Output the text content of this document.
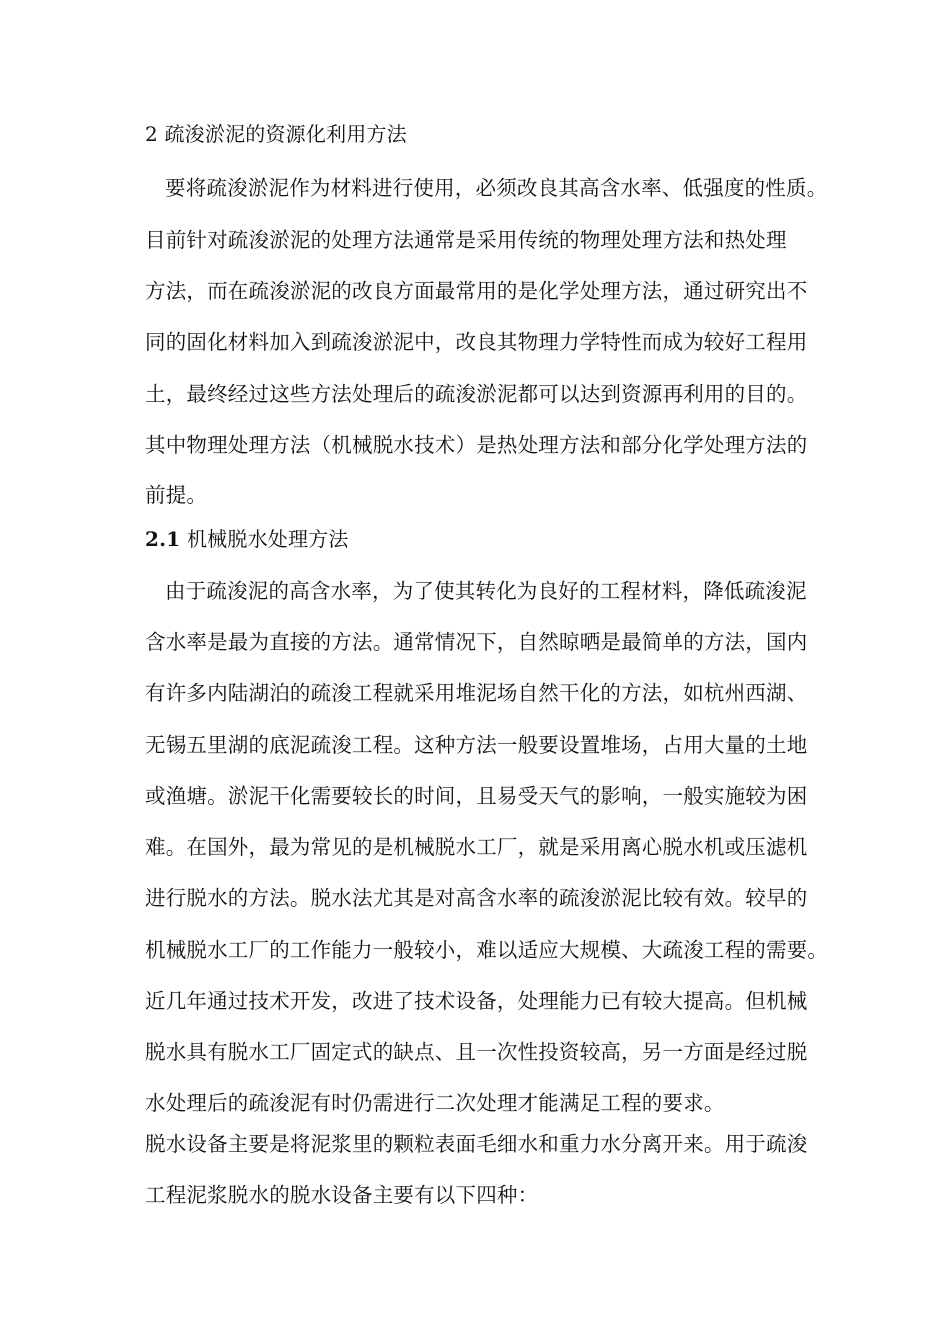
2 疏浚淤泥的资源化利用方法
要将疏浚淤泥作为材料进行使用，必须改良其高含水率、低强度的性质。
目前针对疏浚淤泥的处理方法通常是采用传统的物理处理方法和热处理
方法，而在疏浚淤泥的改良方面最常用的是化学处理方法，通过研究出不
同的固化材料加入到疏浚淤泥中，改良其物理力学特性而成为较好工程用
土，最终经过这些方法处理后的疏浚淤泥都可以达到资源再利用的目的。
其中物理处理方法（机械脱水技术）是热处理方法和部分化学处理方法的
前提。
2.1 机械脱水处理方法
由于疏浚泥的高含水率，为了使其转化为良好的工程材料，降低疏浚泥
含水率是最为直接的方法。通常情况下，自然晾晒是最简单的方法，国内
有许多内陆湖泊的疏浚工程就采用堆泥场自然干化的方法，如杭州西湖、
无锡五里湖的底泥疏浚工程。这种方法一般要设置堆场，占用大量的土地
或渔塘。淤泥干化需要较长的时间，且易受天气的影响，一般实施较为困
难。在国外，最为常见的是机械脱水工厂，就是采用离心脱水机或压滤机
进行脱水的方法。脱水法尤其是对高含水率的疏浚淤泥比较有效。较早的
机械脱水工厂的工作能力一般较小，难以适应大规模、大疏浚工程的需要。
近几年通过技术开发，改进了技术设备，处理能力已有较大提高。但机械
脱水具有脱水工厂固定式的缺点、且一次性投资较高，另一方面是经过脱
水处理后的疏浚泥有时仍需进行二次处理才能满足工程的要求。
脱水设备主要是将泥浆里的颗粒表面毛细水和重力水分离开来。用于疏浚
工程泥浆脱水的脱水设备主要有以下四种：
